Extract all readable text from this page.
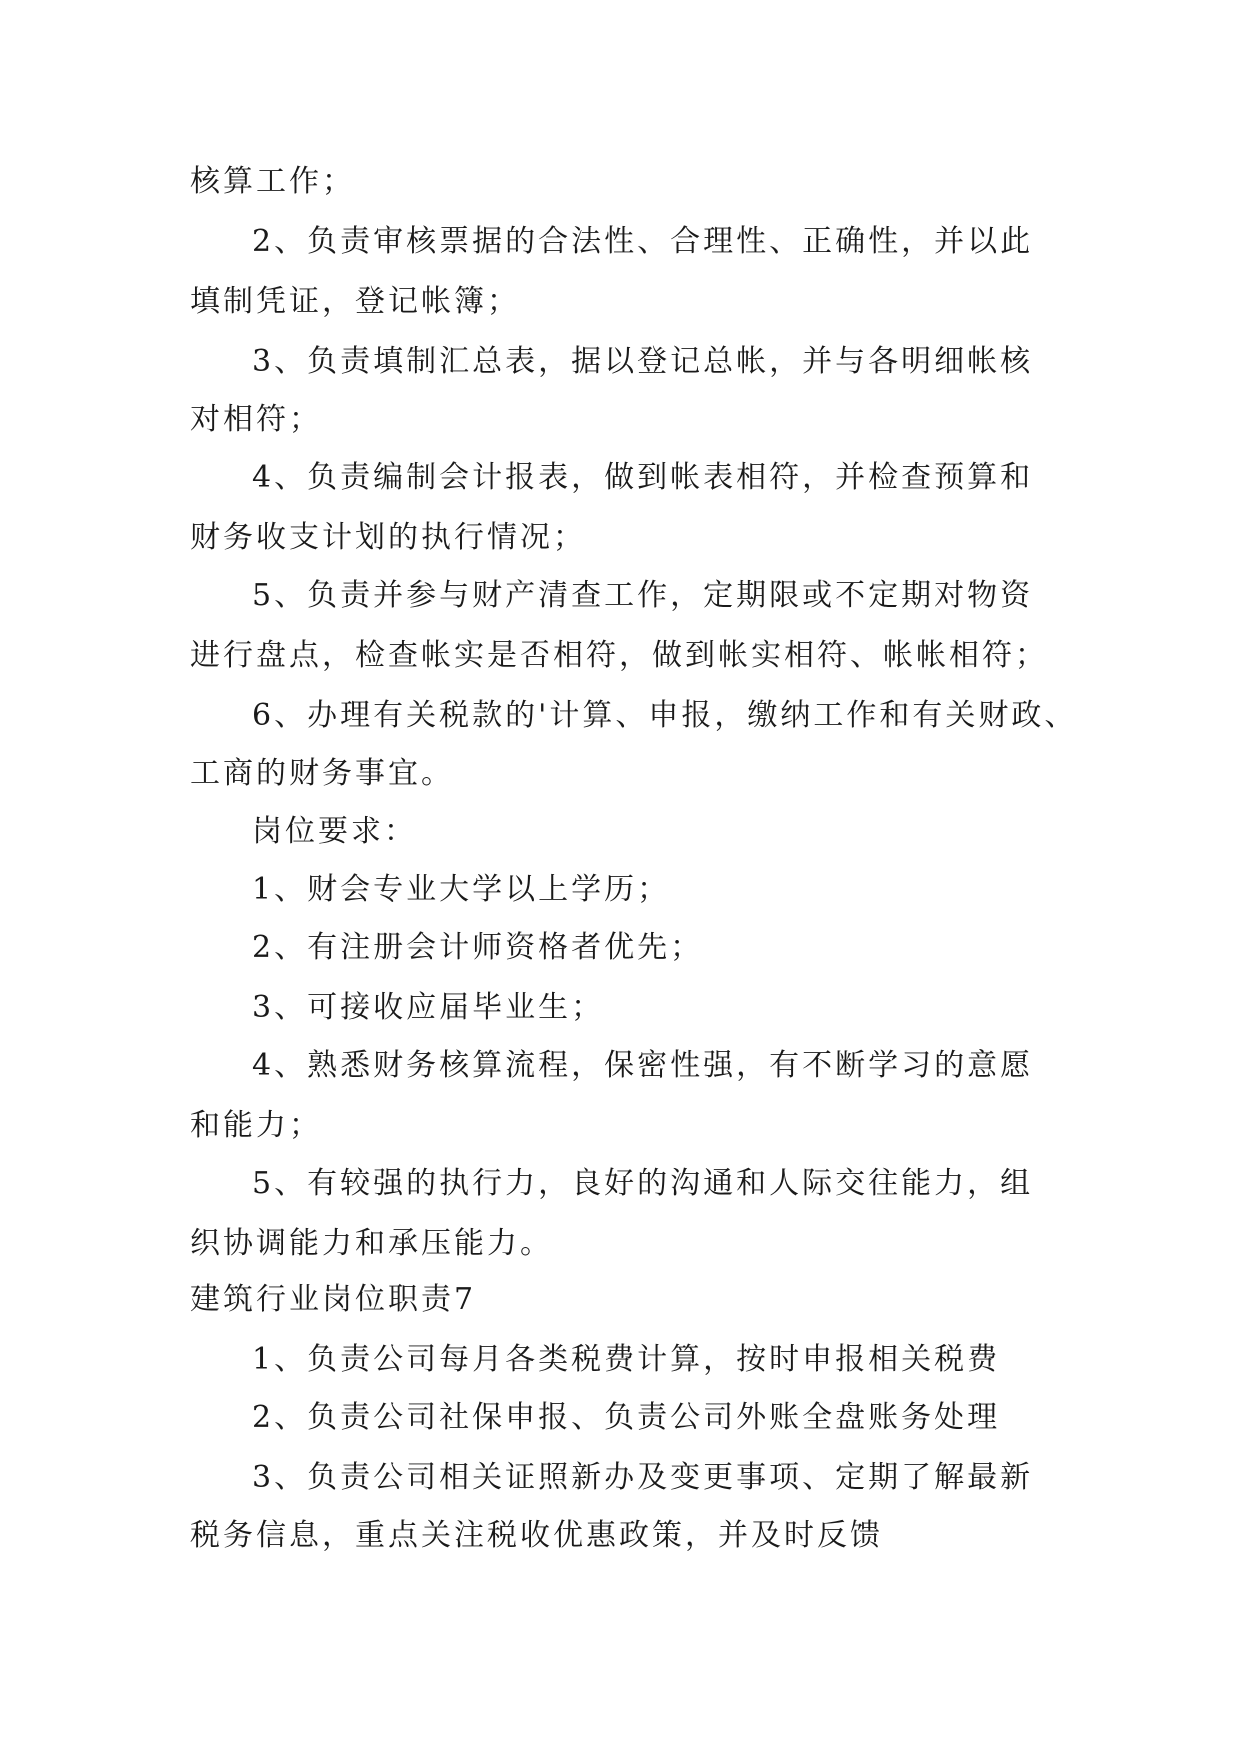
核算工作；
2、负责审核票据的合法性、合理性、正确性，并以此
填制凭证，登记帐簿；
3、负责填制汇总表，据以登记总帐，并与各明细帐核
对相符；
4、负责编制会计报表，做到帐表相符，并检查预算和
财务收支计划的执行情况；
5、负责并参与财产清查工作，定期限或不定期对物资
进行盘点，检查帐实是否相符，做到帐实相符、帐帐相符；
6、办理有关税款的'计算、申报，缴纳工作和有关财政、
工商的财务事宜。
岗位要求：
1、财会专业大学以上学历；
2、有注册会计师资格者优先；
3、可接收应届毕业生；
4、熟悉财务核算流程，保密性强，有不断学习的意愿
和能力；
5、有较强的执行力，良好的沟通和人际交往能力，组
织协调能力和承压能力。
建筑行业岗位职责7
1、负责公司每月各类税费计算，按时申报相关税费
2、负责公司社保申报、负责公司外账全盘账务处理
3、负责公司相关证照新办及变更事项、定期了解最新
税务信息，重点关注税收优惠政策，并及时反馈
